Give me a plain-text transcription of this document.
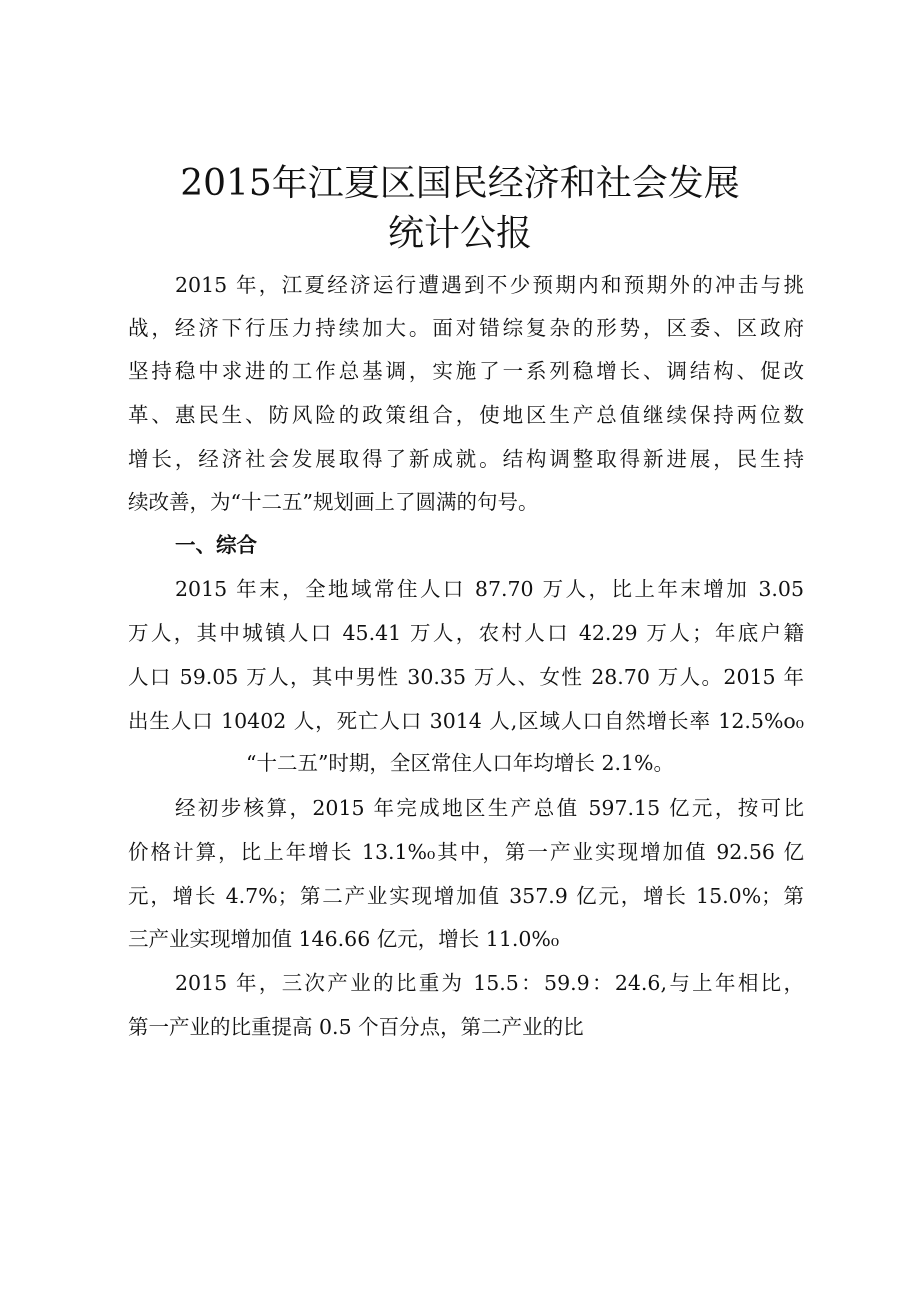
2015年江夏区国民经济和社会发展
统计公报
2015 年，江夏经济运行遭遇到不少预期内和预期外的冲击与挑
战，经济下行压力持续加大。面对错综复杂的形势，区委、区政府
坚持稳中求进的工作总基调，实施了一系列稳增长、调结构、促改
革、惠民生、防风险的政策组合，使地区生产总值继续保持两位数
增长，经济社会发展取得了新成就。结构调整取得新进展，民生持
续改善，为“十二五”规划画上了圆满的句号。
一、综合
2015 年末，全地域常住人口 87.70 万人，比上年末增加 3.05
万人，其中城镇人口 45.41 万人，农村人口 42.29 万人；年底户籍
人口 59.05 万人，其中男性 30.35 万人、女性 28.70 万人。2015 年
出生人口 10402 人，死亡人口 3014 人,区域人口自然增长率 12.5%o₀
“十二五”时期，全区常住人口年均增长 2.1%。
经初步核算，2015 年完成地区生产总值 597.15 亿元，按可比
价格计算，比上年增长 13.1%₀其中，第一产业实现增加值 92.56 亿
元，增长 4.7%；第二产业实现增加值 357.9 亿元，增长 15.0%；第
三产业实现增加值 146.66 亿元，增长 11.0%₀
2015 年，三次产业的比重为 15.5：59.9：24.6,与上年相比，
第一产业的比重提高 0.5 个百分点，第二产业的比
